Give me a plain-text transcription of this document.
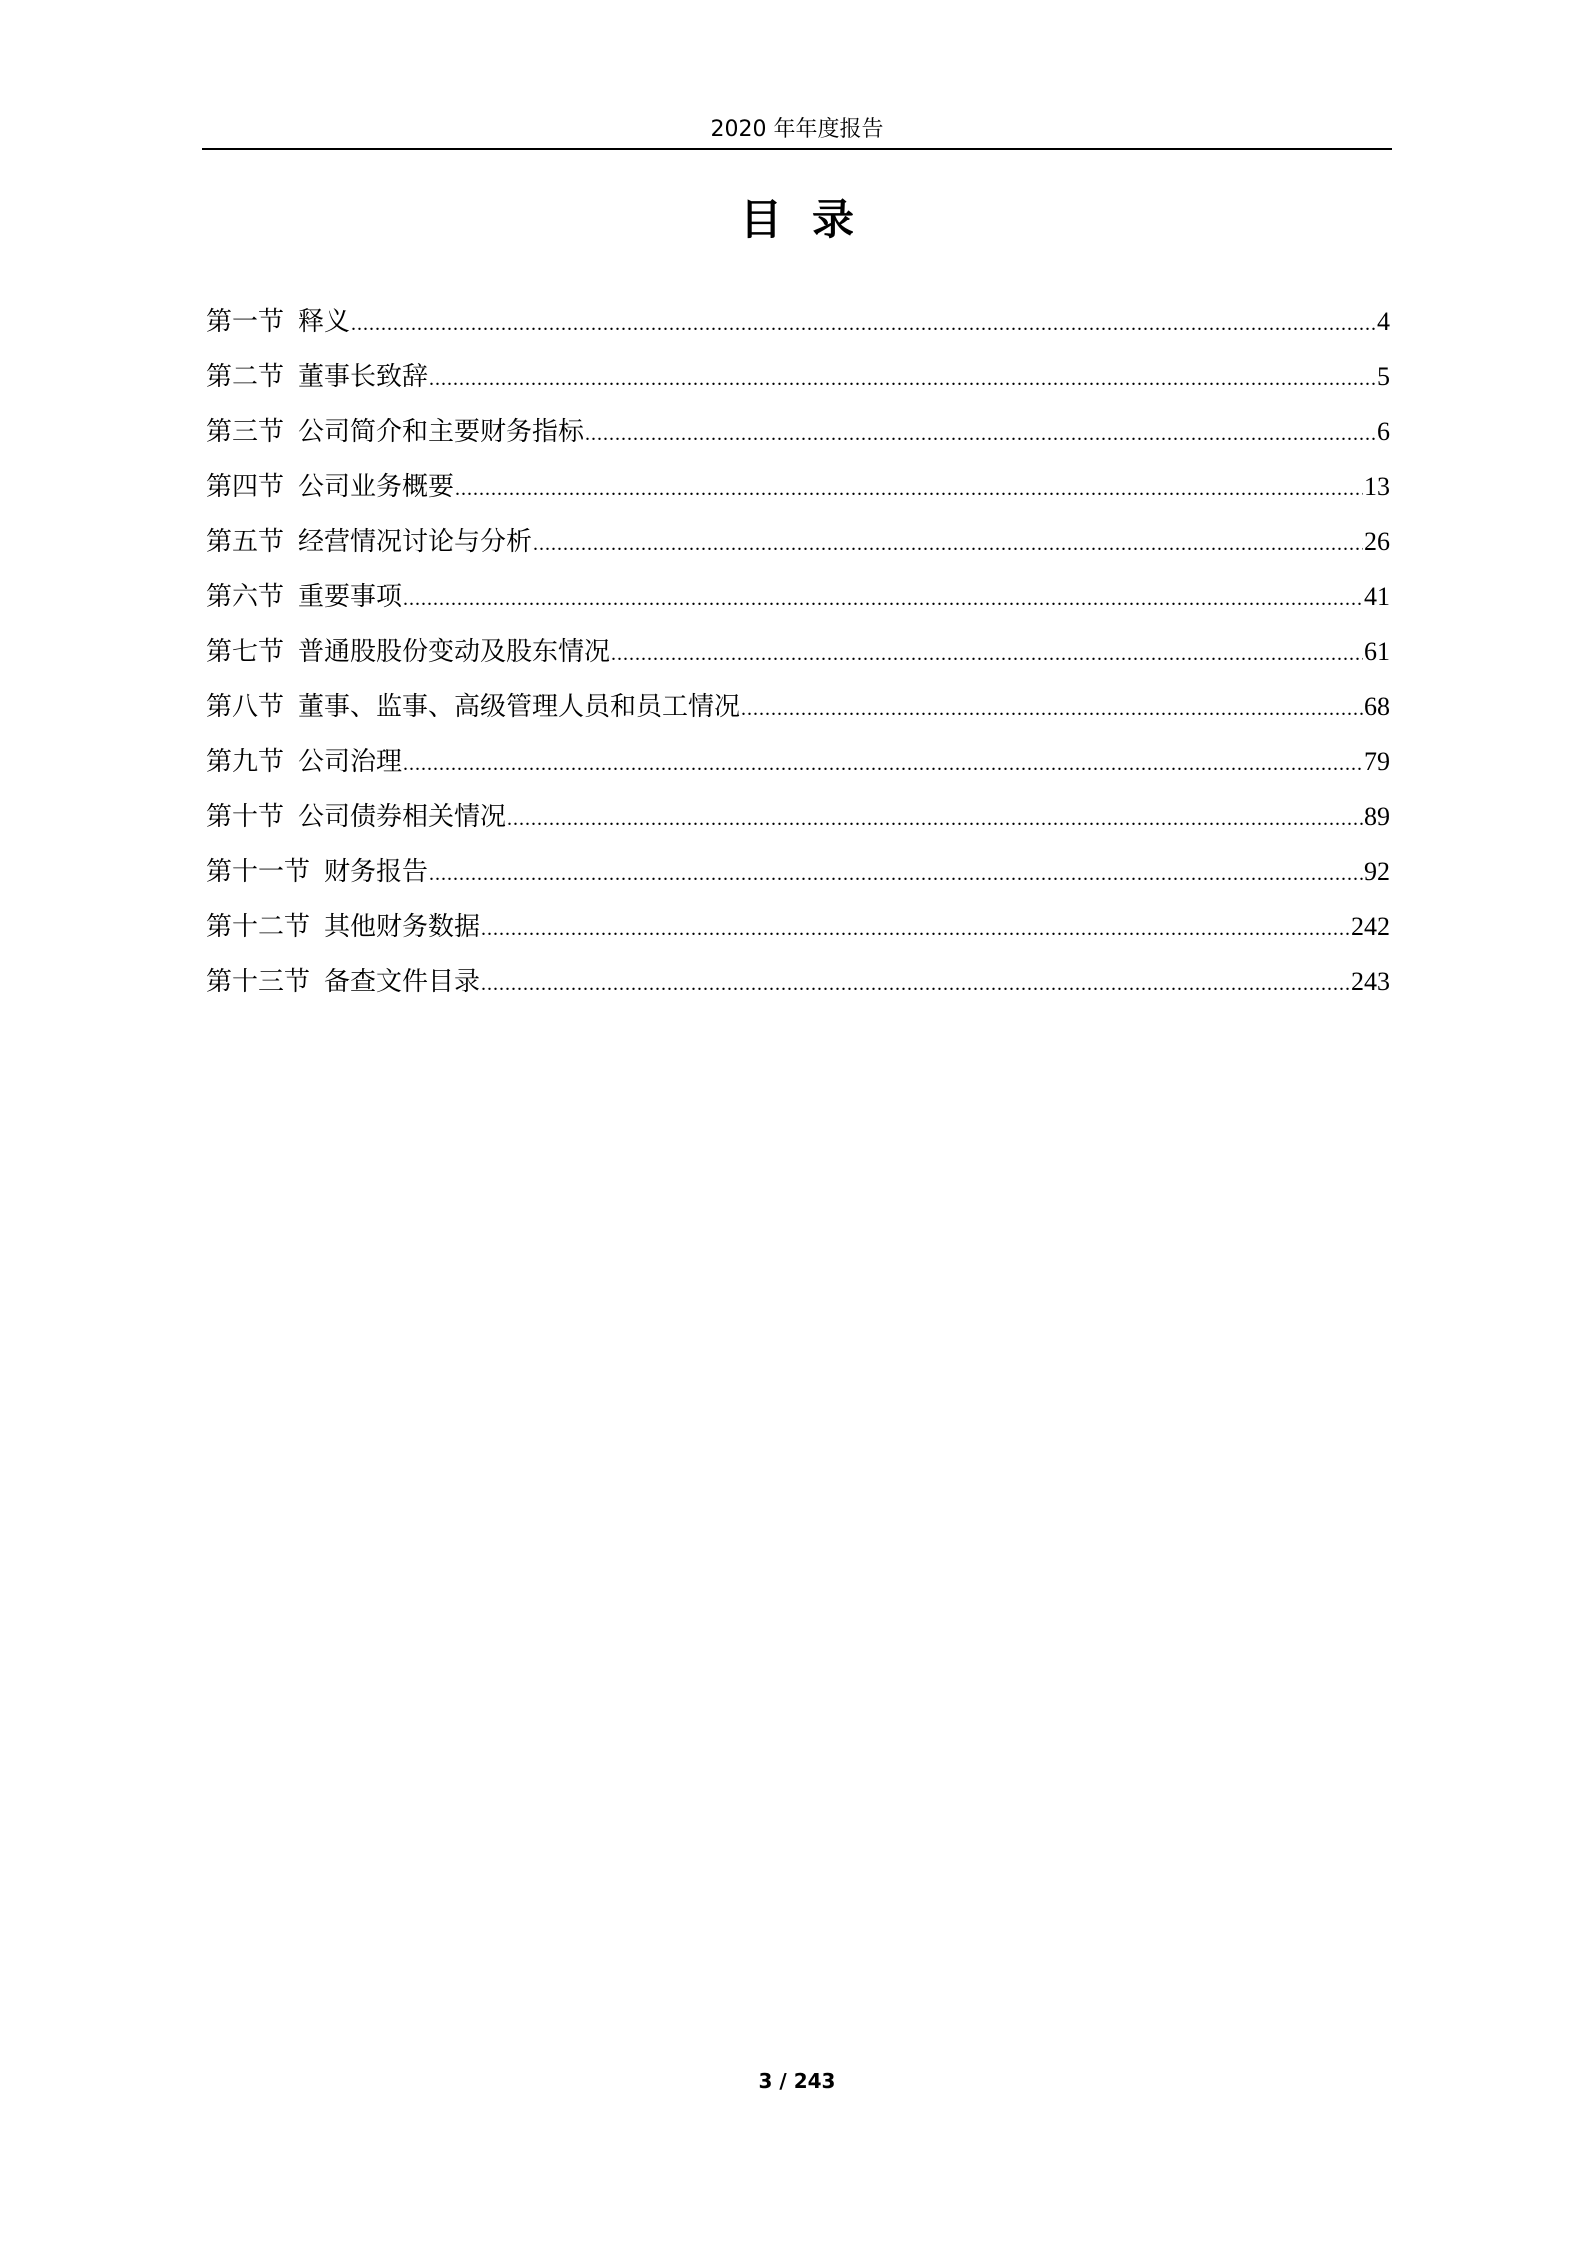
2020 年年度报告
目录
第一节 释义 .....	4
第二节 董事长致辞 .....	5
第三节 公司简介和主要财务指标 .....	6
第四节 公司业务概要 .....	13
第五节 经营情况讨论与分析 .....	26
第六节 重要事项 .....	41
第七节 普通股股份变动及股东情况 .....	61
第八节 董事、监事、高级管理人员和员工情况 .....	68
第九节 公司治理 .....	79
第十节 公司债券相关情况 .....	89
第十一节 财务报告 .....	92
第十二节 其他财务数据 .....	242
第十三节 备查文件目录 .....	243
3 / 243
